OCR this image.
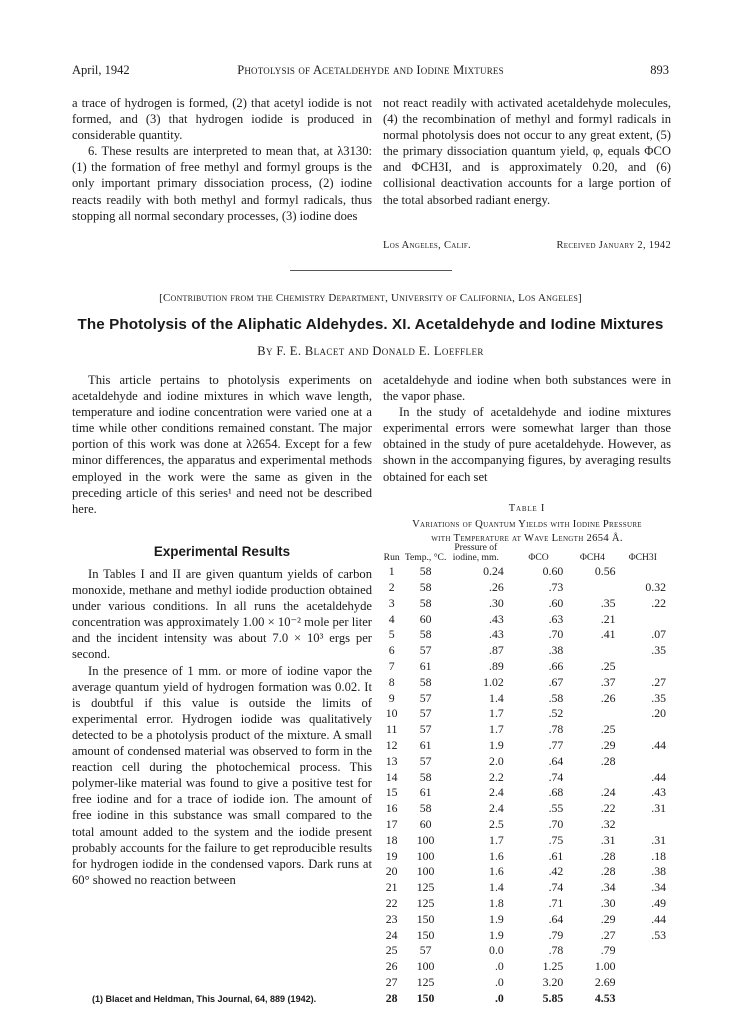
April, 1942	Photolysis of Acetaldehyde and Iodine Mixtures	893

a trace of hydrogen is formed, (2) that acetyl iodide is not formed, and (3) that hydrogen iodide is produced in considerable quantity.

6. These results are interpreted to mean that, at λ3130: (1) the formation of free methyl and formyl groups is the only important primary dissociation process, (2) iodine reacts readily with both methyl and formyl radicals, thus stopping all normal secondary processes, (3) iodine does

not react readily with activated acetaldehyde molecules, (4) the recombination of methyl and formyl radicals in normal photolysis does not occur to any great extent, (5) the primary dissociation quantum yield, φ, equals ΦCO and ΦCH3I, and is approximately 0.20, and (6) collisional deactivation accounts for a large portion of the total absorbed radiant energy.

Los Angeles, Calif.	Received January 2, 1942
[Contribution from the Chemistry Department, University of California, Los Angeles]
The Photolysis of the Aliphatic Aldehydes. XI. Acetaldehyde and Iodine Mixtures
By F. E. Blacet and Donald E. Loeffler

This article pertains to photolysis experiments on acetaldehyde and iodine mixtures in which wave length, temperature and iodine concentration were varied one at a time while other conditions remained constant. The major portion of this work was done at λ2654. Except for a few minor differences, the apparatus and experimental methods employed in the work were the same as given in the preceding article of this series¹ and need not be described here.

acetaldehyde and iodine when both substances were in the vapor phase.

In the study of acetaldehyde and iodine mixtures experimental errors were somewhat larger than those obtained in the study of pure acetaldehyde. However, as shown in the accompanying figures, by averaging results obtained for each set

Experimental Results

In Tables I and II are given quantum yields of carbon monoxide, methane and methyl iodide production obtained under various conditions. In all runs the acetaldehyde concentration was approximately 1.00 × 10⁻² mole per liter and the incident intensity was about 7.0 × 10³ ergs per second.

In the presence of 1 mm. or more of iodine vapor the average quantum yield of hydrogen formation was 0.02. It is doubtful if this value is outside the limits of experimental error. Hydrogen iodide was qualitatively detected to be a photolysis product of the mixture. A small amount of condensed material was observed to form in the reaction cell during the photochemical process. This polymer-like material was found to give a positive test for free iodine and for a trace of iodide ion. The amount of free iodine in this substance was small compared to the total amount added to the system and the iodide present probably accounts for the failure to get reproducible results for hydrogen iodide in the condensed vapors. Dark runs at 60° showed no reaction between

(1) Blacet and Heldman, This Journal, 64, 889 (1942).
Table I
Variations of Quantum Yields with Iodine Pressure
with Temperature at Wave Length 2654 Å.
Run	Temp., °C.	Pressure of iodine, mm.	ΦCO	ΦCH4	ΦCH3I
1	58	0.24	0.60	0.56	
2	58	.26	.73		0.32
3	58	.30	.60	.35	.22
4	60	.43	.63	.21	
5	58	.43	.70	.41	.07
6	57	.87	.38		.35
7	61	.89	.66	.25	
8	58	1.02	.67	.37	.27
9	57	1.4	.58	.26	.35
10	57	1.7	.52		.20
11	57	1.7	.78	.25	
12	61	1.9	.77	.29	.44
13	57	2.0	.64	.28	
14	58	2.2	.74		.44
15	61	2.4	.68	.24	.43
16	58	2.4	.55	.22	.31
17	60	2.5	.70	.32	
18	100	1.7	.75	.31	.31
19	100	1.6	.61	.28	.18
20	100	1.6	.42	.28	.38
21	125	1.4	.74	.34	.34
22	125	1.8	.71	.30	.49
23	150	1.9	.64	.29	.44
24	150	1.9	.79	.27	.53
25	57	0.0	.78	.79	
26	100	.0	1.25	1.00	
27	125	.0	3.20	2.69	
28	150	.0	5.85	4.53	
